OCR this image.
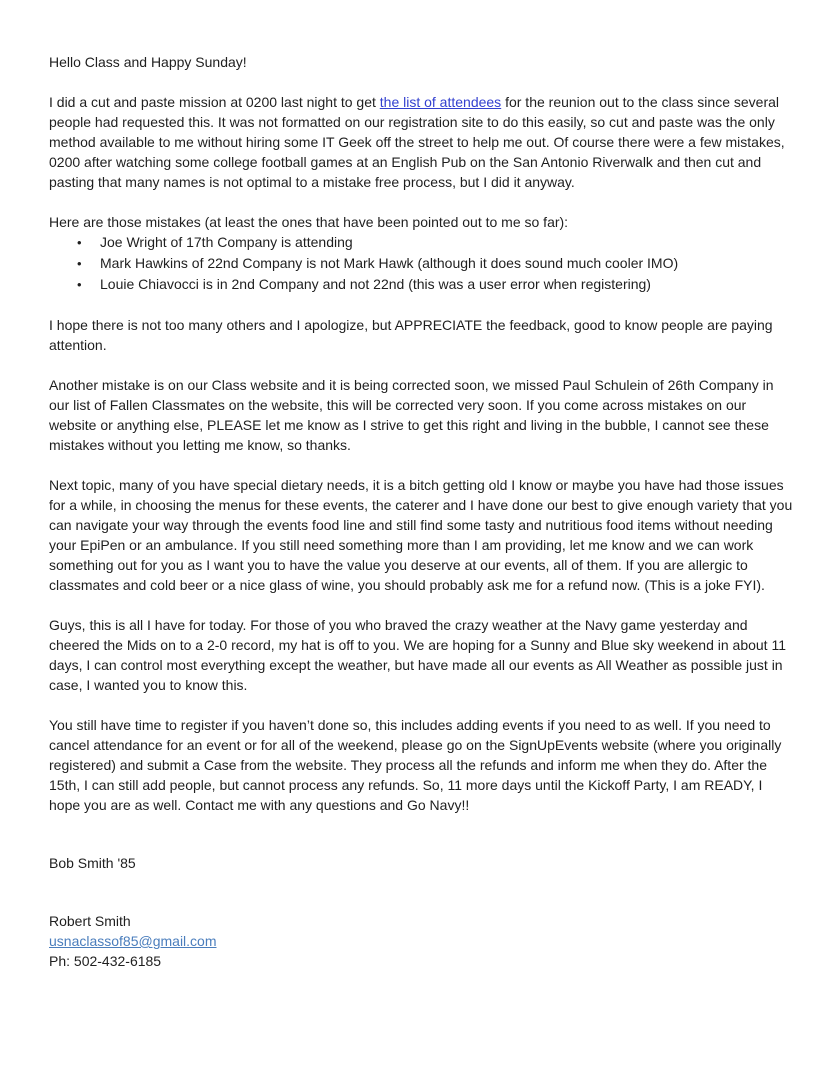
Hello Class and Happy Sunday!

I did a cut and paste mission at 0200 last night to get the list of attendees for the reunion out to the class since several people had requested this. It was not formatted on our registration site to do this easily, so cut and paste was the only method available to me without hiring some IT Geek off the street to help me out. Of course there were a few mistakes, 0200 after watching some college football games at an English Pub on the San Antonio Riverwalk and then cut and pasting that many names is not optimal to a mistake free process, but I did it anyway.

Here are those mistakes (at least the ones that have been pointed out to me so far):

• Joe Wright of 17th Company is attending
• Mark Hawkins of 22nd Company is not Mark Hawk (although it does sound much cooler IMO)
• Louie Chiavocci is in 2nd Company and not 22nd (this was a user error when registering)

I hope there is not too many others and I apologize, but APPRECIATE the feedback, good to know people are paying attention.

Another mistake is on our Class website and it is being corrected soon, we missed Paul Schulein of 26th Company in our list of Fallen Classmates on the website, this will be corrected very soon. If you come across mistakes on our website or anything else, PLEASE let me know as I strive to get this right and living in the bubble, I cannot see these mistakes without you letting me know, so thanks.

Next topic, many of you have special dietary needs, it is a bitch getting old I know or maybe you have had those issues for a while, in choosing the menus for these events, the caterer and I have done our best to give enough variety that you can navigate your way through the events food line and still find some tasty and nutritious food items without needing your EpiPen or an ambulance. If you still need something more than I am providing, let me know and we can work something out for you as I want you to have the value you deserve at our events, all of them. If you are allergic to classmates and cold beer or a nice glass of wine, you should probably ask me for a refund now. (This is a joke FYI).

Guys, this is all I have for today. For those of you who braved the crazy weather at the Navy game yesterday and cheered the Mids on to a 2-0 record, my hat is off to you. We are hoping for a Sunny and Blue sky weekend in about 11 days, I can control most everything except the weather, but have made all our events as All Weather as possible just in case, I wanted you to know this.

You still have time to register if you haven’t done so, this includes adding events if you need to as well. If you need to cancel attendance for an event or for all of the weekend, please go on the SignUpEvents website (where you originally registered) and submit a Case from the website. They process all the refunds and inform me when they do. After the 15th, I can still add people, but cannot process any refunds. So, 11 more days until the Kickoff Party, I am READY, I hope you are as well. Contact me with any questions and Go Navy!!

Bob Smith '85

Robert Smith

usnaclassof85@gmail.com

Ph: 502-432-6185
